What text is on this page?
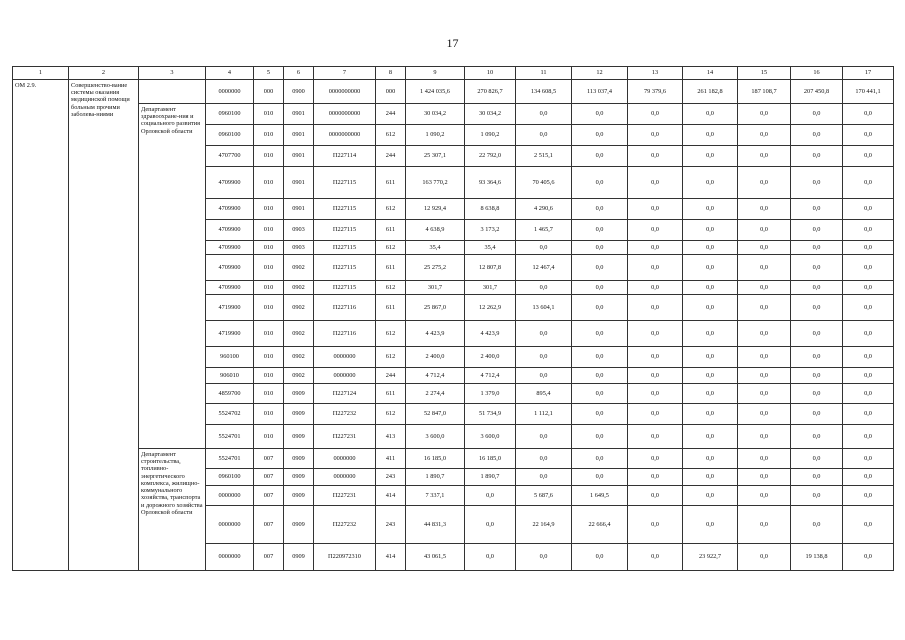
17
1	2	3	4	5	6	7	8	9	10	11	12	13	14	15	16	17
ОМ 2.9.	Совершенство-вание системы оказания медицинской помощи больным прочими заболева-ниями		0000000	000	0900	0000000000	000	1 424 035,6	270 826,7	134 608,5	113 037,4	79 379,6	261 182,8	187 108,7	207 450,8	170 441,1
		Департамент здравоохране-ния и социального развития Орловской области	0960100	010	0901	0000000000	244	30 034,2	30 034,2	0,0	0,0	0,0	0,0	0,0	0,0	0,0
			0960100	010	0901	0000000000	612	1 090,2	1 090,2	0,0	0,0	0,0	0,0	0,0	0,0	0,0
			4707700	010	0901	П227114	244	25 307,1	22 792,0	2 515,1	0,0	0,0	0,0	0,0	0,0	0,0
			4709900	010	0901	П227115	611	163 770,2	93 364,6	70 405,6	0,0	0,0	0,0	0,0	0,0	0,0
			4709900	010	0901	П227115	612	12 929,4	8 638,8	4 290,6	0,0	0,0	0,0	0,0	0,0	0,0
			4709900	010	0903	П227115	611	4 638,9	3 173,2	1 465,7	0,0	0,0	0,0	0,0	0,0	0,0
			4709900	010	0903	П227115	612	35,4	35,4	0,0	0,0	0,0	0,0	0,0	0,0	0,0
			4709900	010	0902	П227115	611	25 275,2	12 807,8	12 467,4	0,0	0,0	0,0	0,0	0,0	0,0
			4709900	010	0902	П227115	612	301,7	301,7	0,0	0,0	0,0	0,0	0,0	0,0	0,0
			4719900	010	0902	П227116	611	25 867,0	12 262,9	13 604,1	0,0	0,0	0,0	0,0	0,0	0,0
			4719900	010	0902	П227116	612	4 423,9	4 423,9	0,0	0,0	0,0	0,0	0,0	0,0	0,0
			960100	010	0902	0000000	612	2 400,0	2 400,0	0,0	0,0	0,0	0,0	0,0	0,0	0,0
			906010	010	0902	0000000	244	4 712,4	4 712,4	0,0	0,0	0,0	0,0	0,0	0,0	0,0
			4859700	010	0909	П227124	611	2 274,4	1 379,0	895,4	0,0	0,0	0,0	0,0	0,0	0,0
			5524702	010	0909	П227232	612	52 847,0	51 734,9	1 112,1	0,0	0,0	0,0	0,0	0,0	0,0
			5524701	010	0909	П227231	413	3 600,0	3 600,0	0,0	0,0	0,0	0,0	0,0	0,0	0,0
		Департамент строительства, топливно-энергетического комплекса, жилищно-коммунального хозяйства, транспорта и дорожного хозяйства Орловской области	5524701	007	0909	0000000	411	16 185,0	16 185,0	0,0	0,0	0,0	0,0	0,0	0,0	0,0
			0960100	007	0909	0000000	243	1 890,7	1 890,7	0,0	0,0	0,0	0,0	0,0	0,0	0,0
			0000000	007	0909	П227231	414	7 337,1	0,0	5 687,6	1 649,5	0,0	0,0	0,0	0,0	0,0
			0000000	007	0909	П227232	243	44 831,3	0,0	22 164,9	22 666,4	0,0	0,0	0,0	0,0	0,0
			0000000	007	0909	П220972310	414	43 061,5	0,0	0,0	0,0	0,0	23 922,7	0,0	19 138,8	0,0
